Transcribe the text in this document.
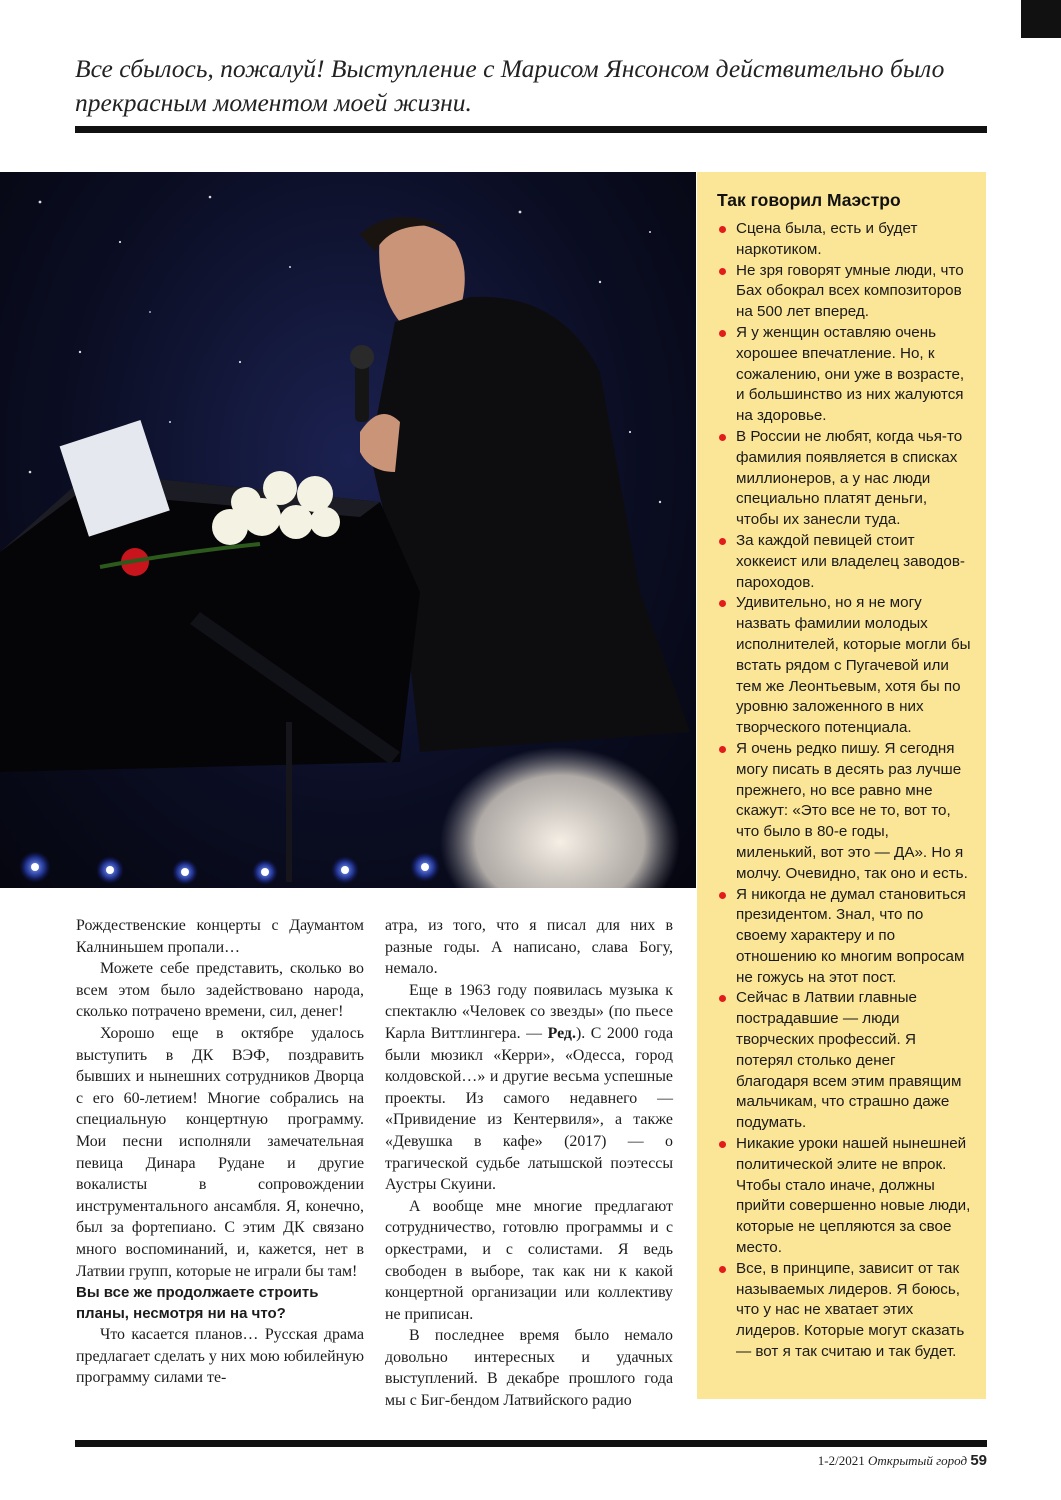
Все сбылось, пожалуй! Выступление с Марисом Янсонсом действительно было прекрасным моментом моей жизни.
Так говорил Маэстро
Сцена была, есть и будет наркотиком.
Не зря говорят умные люди, что Бах обокрал всех композиторов на 500 лет вперед.
Я у женщин оставляю очень хорошее впечатление. Но, к сожалению, они уже в возрасте, и большинство из них жалуются на здоровье.
В России не любят, когда чья-то фамилия появляется в списках миллионеров, а у нас люди специально платят деньги, чтобы их занесли туда.
За каждой певицей стоит хоккеист или владелец заводов-пароходов.
Удивительно, но я не могу назвать фамилии молодых исполнителей, которые могли бы встать рядом с Пугачевой или тем же Леонтьевым, хотя бы по уровню заложенного в них творческого потенциала.
Я очень редко пишу. Я сегодня могу писать в десять раз лучше прежнего, но все равно мне скажут: «Это все не то, вот то, что было в 80-е годы, миленький, вот это — ДА». Но я молчу. Очевидно, так оно и есть.
Я никогда не думал становиться президентом. Знал, что по своему характеру и по отношению ко многим вопросам не гожусь на этот пост.
Сейчас в Латвии главные пострадавшие — люди творческих профессий. Я потерял столько денег благодаря всем этим правящим мальчикам, что страшно даже подумать.
Никакие уроки нашей нынешней политической элите не впрок. Чтобы стало иначе, должны прийти совершенно новые люди, которые не цепляются за свое место.
Все, в принципе, зависит от так называемых лидеров. Я боюсь, что у нас не хватает этих лидеров. Которые могут сказать — вот я так считаю и так будет.

Рождественские концерты с Даумантом Калниньшем пропали…

Можете себе представить, сколько во всем этом было задействовано народа, сколько потрачено времени, сил, денег!

Хорошо еще в октябре удалось выступить в ДК ВЭФ, поздравить бывших и нынешних сотрудников Дворца с его 60-летием! Многие собрались на специальную концертную программу. Мои песни исполняли замечательная певица Динара Рудане и другие вокалисты в сопровождении инструментального ансамбля. Я, конечно, был за фортепиано. С этим ДК связано много воспоминаний, и, кажется, нет в Латвии групп, которые не играли бы там!

Вы все же продолжаете строить планы, несмотря ни на что?

Что касается планов… Русская драма предлагает сделать у них мою юбилейную программу силами те-

атра, из того, что я писал для них в разные годы. А написано, слава Богу, немало.

Еще в 1963 году появилась музыка к спектаклю «Человек со звезды» (по пьесе Карла Виттлингера. — Ред.). С 2000 года были мюзикл «Керри», «Одесса, город колдовской…» и другие весьма успешные проекты. Из самого недавнего — «Привидение из Кентервиля», а также «Девушка в кафе» (2017) — о трагической судьбе латышской поэтессы Аустры Скуини.

А вообще мне многие предлагают сотрудничество, готовлю программы и с оркестрами, и с солистами. Я ведь свободен в выборе, так как ни к какой концертной организации или коллективу не приписан.

В последнее время было немало довольно интересных и удачных выступлений. В декабре прошлого года мы с Биг-бендом Латвийского радио

1-2/2021 Открытый город 59
